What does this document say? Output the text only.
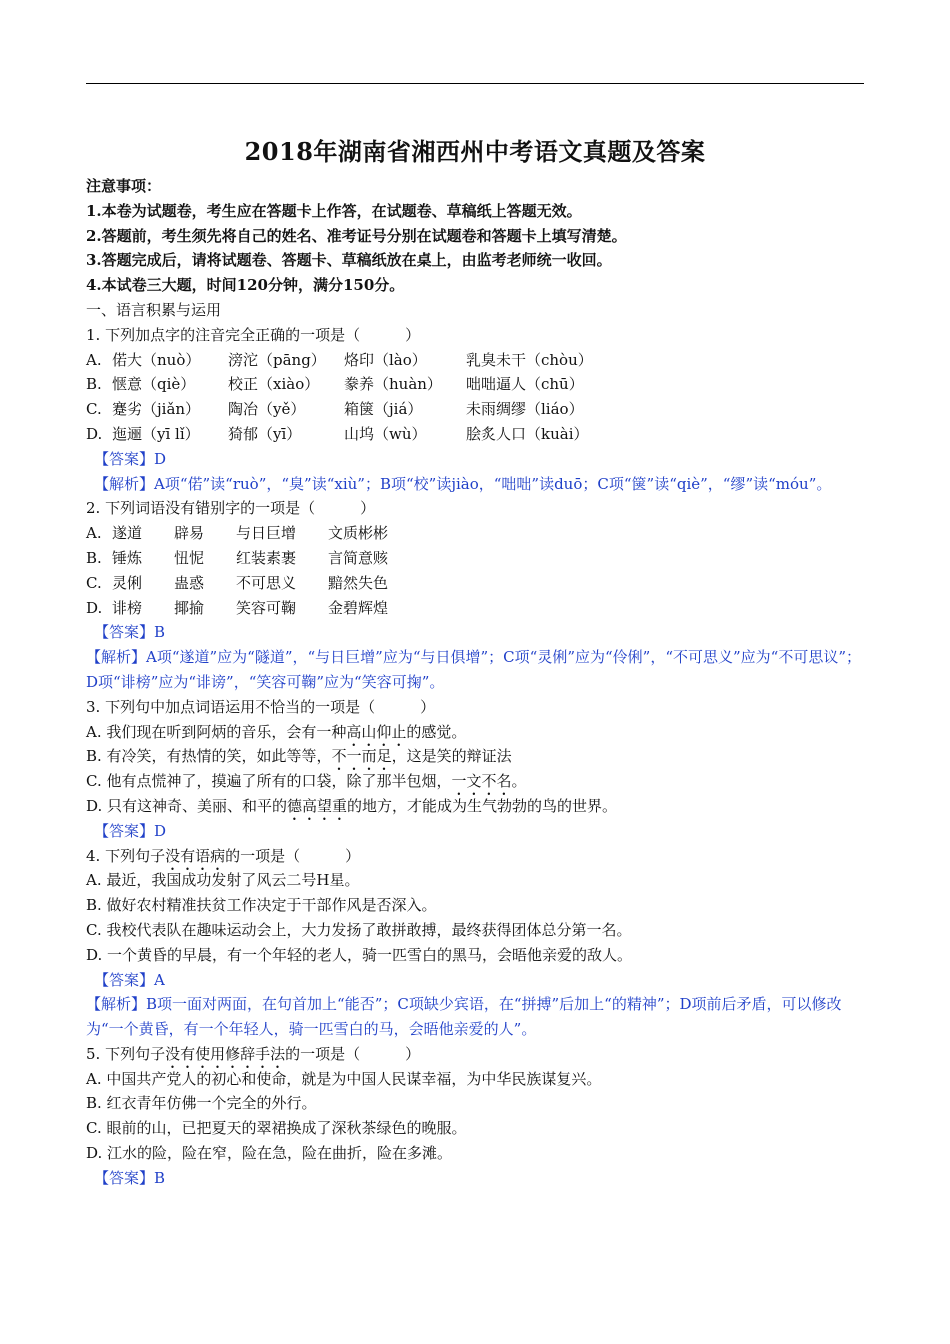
2018年湖南省湘西州中考语文真题及答案
注意事项：
1.本卷为试题卷，考生应在答题卡上作答，在试题卷、草稿纸上答题无效。
2.答题前，考生须先将自己的姓名、准考证号分别在试题卷和答题卡上填写清楚。
3.答题完成后，请将试题卷、答题卡、草稿纸放在桌上，由监考老师统一收回。
4.本试卷三大题，时间120分钟，满分150分。
一、语言积累与运用
1. 下列加点字的注音完全正确的一项是（　　　）
A. 偌大（nuò）	滂沱（pāng）	烙印（lào）	乳臭未干（chòu）
B. 惬意（qiè）	校正（xiào）	豢养（huàn）	咄咄逼人（chū）
C. 蹇劣（jiǎn）	陶冶（yě）	箱箧（jiá）	未雨绸缪（liáo）
D. 迤逦（yī lǐ）	猗郁（yī）	山坞（wù）	脍炙人口（kuài）
【答案】D
【解析】A项“偌”读“ruò”，“臭”读“xiù”；B项“校”读jiào，“咄咄”读duō；C项“箧”读“qiè”，“缪”读“móu”。
2. 下列词语没有错别字的一项是（　　　）
A. 遂道	辟易	与日巨增	文质彬彬
B. 锤炼	忸怩	红装素裹	言简意赅
C. 灵俐	蛊惑	不可思义	黯然失色
D. 诽榜	揶揄	笑容可鞠	金碧辉煌
【答案】B
【解析】A项“遂道”应为“隧道”，“与日巨增”应为“与日俱增”；C项“灵俐”应为“伶俐”，“不可思义”应为“不可思议”；D项“诽榜”应为“诽谤”，“笑容可鞠”应为“笑容可掬”。
3. 下列句中加点词语运用不恰当的一项是（　　　）
A. 我们现在听到阿炳的音乐，会有一种高山仰止的感觉。
B. 有冷笑，有热情的笑，如此等等，不一而足，这是笑的辩证法
C. 他有点慌神了，摸遍了所有的口袋，除了那半包烟，一文不名。
D. 只有这神奇、美丽、和平的德高望重的地方，才能成为生气勃勃的鸟的世界。
【答案】D
4. 下列句子没有语病的一项是（　　　）
A. 最近，我国成功发射了风云二号H星。
B. 做好农村精准扶贫工作决定于干部作风是否深入。
C. 我校代表队在趣味运动会上，大力发扬了敢拼敢搏，最终获得团体总分第一名。
D. 一个黄昏的早晨，有一个年轻的老人，骑一匹雪白的黑马，会晤他亲爱的敌人。
【答案】A
【解析】B项一面对两面，在句首加上“能否”；C项缺少宾语，在“拼搏”后加上“的精神”；D项前后矛盾，可以修改为“一个黄昏，有一个年轻人，骑一匹雪白的马，会晤他亲爱的人”。
5. 下列句子没有使用修辞手法的一项是（　　　）
A. 中国共产党人的初心和使命，就是为中国人民谋幸福，为中华民族谋复兴。
B. 红衣青年仿佛一个完全的外行。
C. 眼前的山，已把夏天的翠裙换成了深秋茶绿色的晚服。
D. 江水的险，险在窄，险在急，险在曲折，险在多滩。
【答案】B
